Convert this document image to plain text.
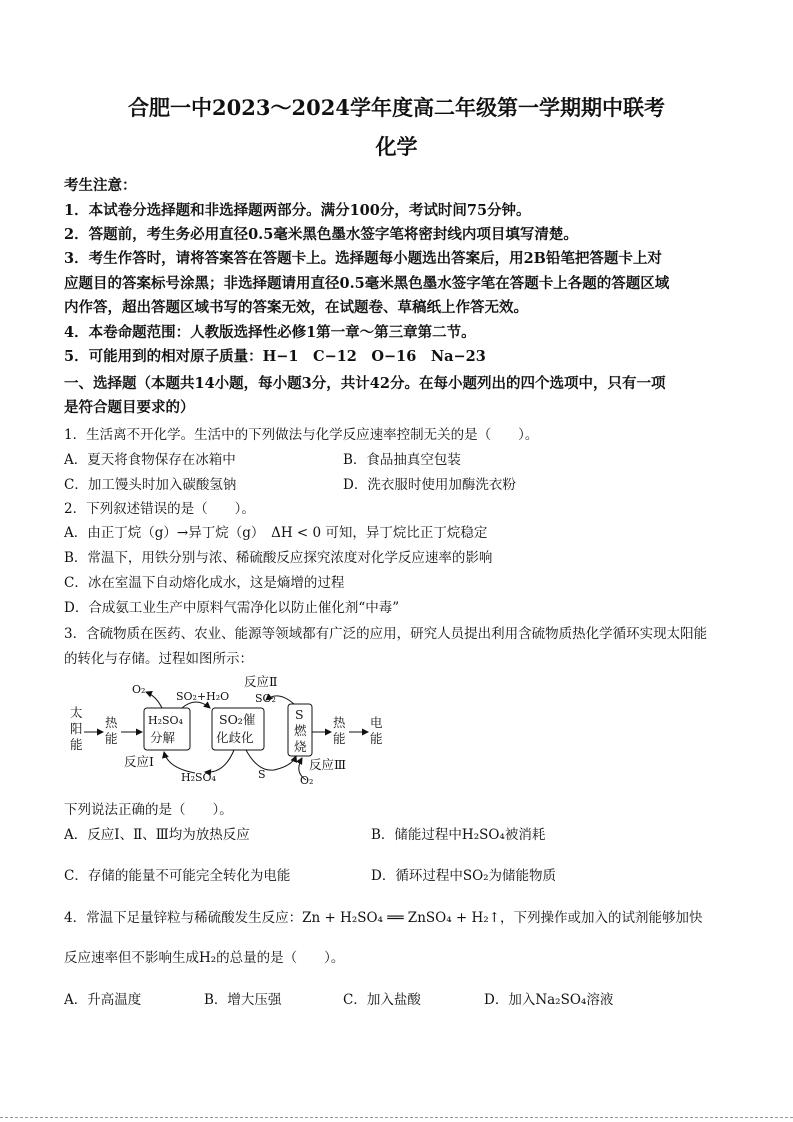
合肥一中2023～2024学年度高二年级第一学期期中联考
化学
考生注意：
1．本试卷分选择题和非选择题两部分。满分100分，考试时间75分钟。
2．答题前，考生务必用直径0.5毫米黑色墨水签字笔将密封线内项目填写清楚。
3．考生作答时，请将答案答在答题卡上。选择题每小题选出答案后，用2B铅笔把答题卡上对
应题目的答案标号涂黑；非选择题请用直径0.5毫米黑色墨水签字笔在答题卡上各题的答题区域
内作答，超出答题区域书写的答案无效，在试题卷、草稿纸上作答无效。
4．本卷命题范围：人教版选择性必修1第一章～第三章第二节。
5．可能用到的相对原子质量：H−1　C−12　O−16　Na−23
一、选择题（本题共14小题，每小题3分，共计42分。在每小题列出的四个选项中，只有一项
是符合题目要求的）
1．生活离不开化学。生活中的下列做法与化学反应速率控制无关的是（　　）。
A．夏天将食物保存在冰箱中	B．食品抽真空包装
C．加工馒头时加入碳酸氢钠	D．洗衣服时使用加酶洗衣粉
2．下列叙述错误的是（　　）。
A．由正丁烷（g）→异丁烷（g）　ΔH < 0 可知，异丁烷比正丁烷稳定
B．常温下，用铁分别与浓、稀硫酸反应探究浓度对化学反应速率的影响
C．冰在室温下自动熔化成水，这是熵增的过程
D．合成氨工业生产中原料气需净化以防止催化剂“中毒”
3．含硫物质在医药、农业、能源等领域都有广泛的应用，研究人员提出利用含硫物质热化学循环实现太阳能
的转化与存储。过程如图所示：
太
阳
能
热
能
H₂SO₄
分解
SO₂催
化歧化
S
燃
烧
热
能
电
能
O₂
SO₂+H₂O
反应Ⅱ
SO₂
反应Ⅰ
H₂SO₄	S
反应Ⅲ
O₂
下列说法正确的是（　　）。
A．反应Ⅰ、Ⅱ、Ⅲ均为放热反应	B．储能过程中H₂SO₄被消耗
C．存储的能量不可能完全转化为电能	D．循环过程中SO₂为储能物质
4．常温下足量锌粒与稀硫酸发生反应：Zn + H₂SO₄ ══ ZnSO₄ + H₂↑，下列操作或加入的试剂能够加快
反应速率但不影响生成H₂的总量的是（　　）。
A．升高温度	B．增大压强	C．加入盐酸	D．加入Na₂SO₄溶液
